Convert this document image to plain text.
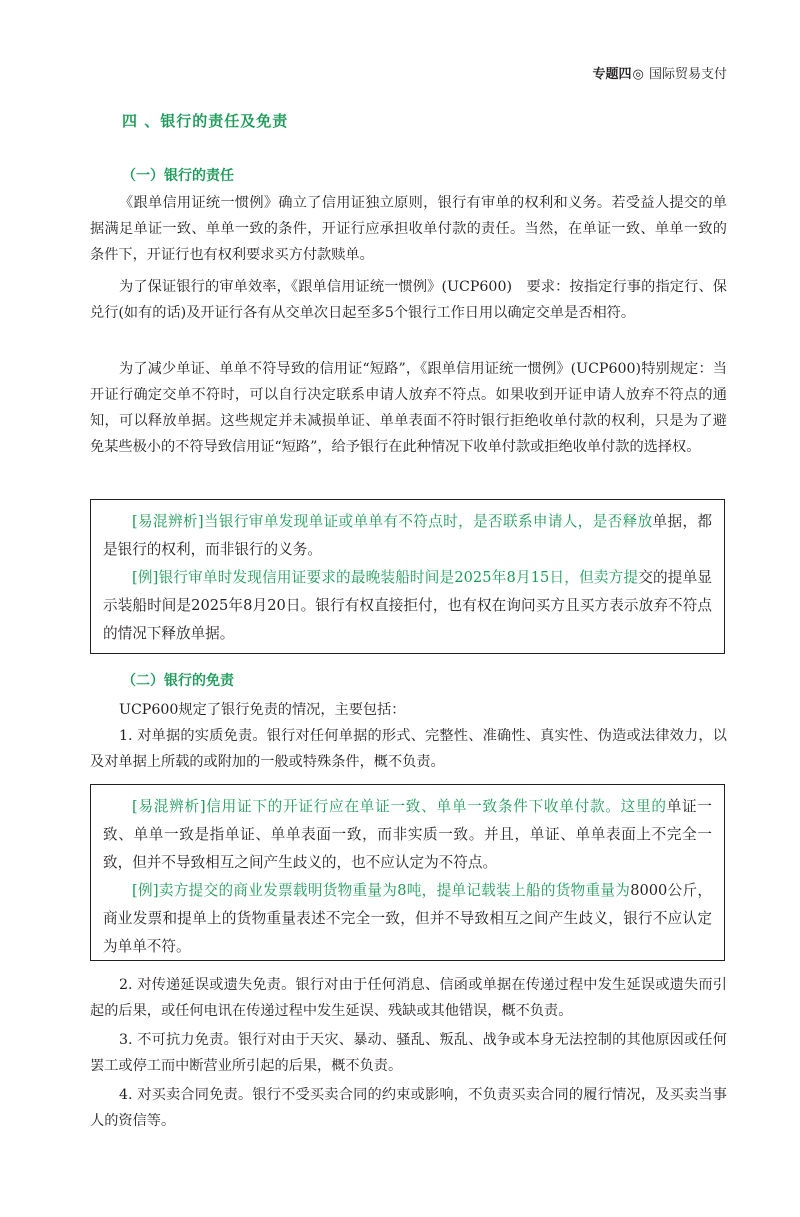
专题四◎ 国际贸易支付
四 、银行的责任及免责
（一）银行的责任

《跟单信用证统一惯例》确立了信用证独立原则，银行有审单的权利和义务。若受益人提交的单据满足单证一致、单单一致的条件，开证行应承担收单付款的责任。当然，在单证一致、单单一致的条件下，开证行也有权利要求买方付款赎单。

为了保证银行的审单效率，《跟单信用证统一惯例》(UCP600)　要求：按指定行事的指定行、保兑行(如有的话)及开证行各有从交单次日起至多5个银行工作日用以确定交单是否相符。

为了减少单证、单单不符导致的信用证“短路”，《跟单信用证统一惯例》(UCP600)特别规定：当开证行确定交单不符时，可以自行决定联系申请人放弃不符点。如果收到开证申请人放弃不符点的通知，可以释放单据。这些规定并未减损单证、单单表面不符时银行拒绝收单付款的权利，只是为了避免某些极小的不符导致信用证“短路”，给予银行在此种情况下收单付款或拒绝收单付款的选择权。

[易混辨析]当银行审单发现单证或单单有不符点时，是否联系申请人，是否释放单据，都是银行的权利，而非银行的义务。

[例]银行审单时发现信用证要求的最晚装船时间是2025年8月15日，但卖方提交的提单显示装船时间是2025年8月20日。银行有权直接拒付，也有权在询问买方且买方表示放弃不符点的情况下释放单据。

（二）银行的免责

UCP600规定了银行免责的情况，主要包括：

1. 对单据的实质免责。银行对任何单据的形式、完整性、准确性、真实性、伪造或法律效力，以及对单据上所载的或附加的一般或特殊条件，概不负责。

[易混辨析]信用证下的开证行应在单证一致、单单一致条件下收单付款。这里的单证一致、单单一致是指单证、单单表面一致，而非实质一致。并且，单证、单单表面上不完全一致，但并不导致相互之间产生歧义的，也不应认定为不符点。

[例]卖方提交的商业发票载明货物重量为8吨，提单记载装上船的货物重量为8000公斤，商业发票和提单上的货物重量表述不完全一致，但并不导致相互之间产生歧义，银行不应认定为单单不符。

2. 对传递延误或遗失免责。银行对由于任何消息、信函或单据在传递过程中发生延误或遗失而引起的后果，或任何电讯在传递过程中发生延误、残缺或其他错误，概不负责。

3. 不可抗力免责。银行对由于天灾、暴动、骚乱、叛乱、战争或本身无法控制的其他原因或任何罢工或停工而中断营业所引起的后果，概不负责。

4. 对买卖合同免责。银行不受买卖合同的约束或影响，不负责买卖合同的履行情况，及买卖当事人的资信等。
